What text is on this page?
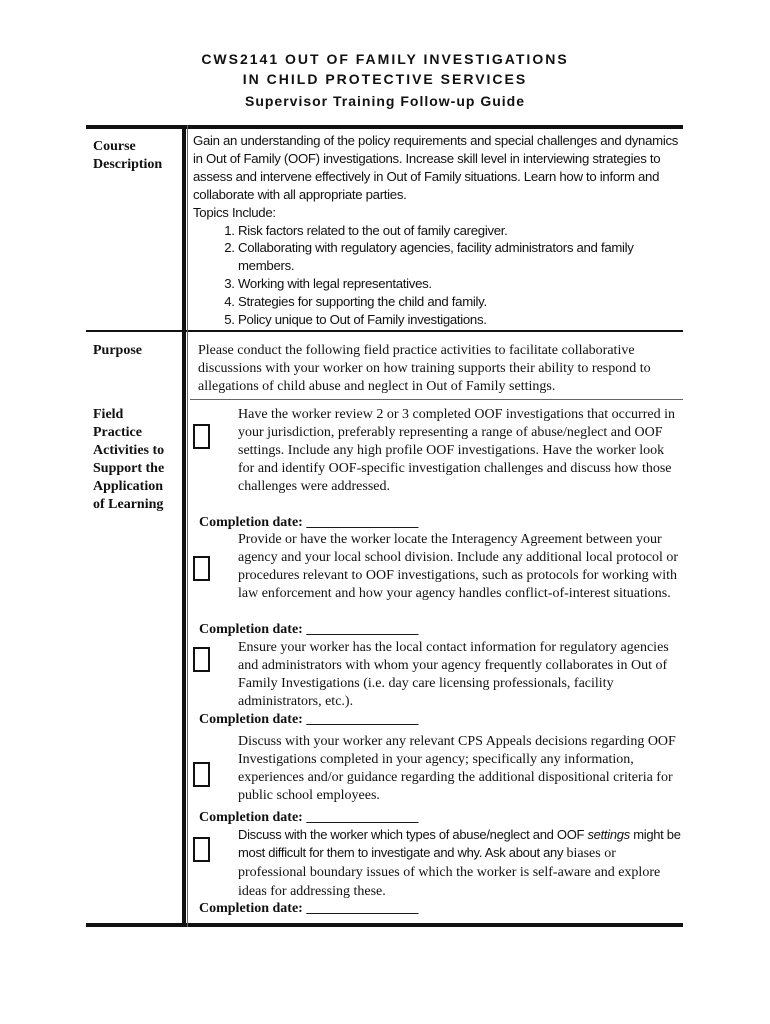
CWS2141 OUT OF FAMILY INVESTIGATIONS
IN CHILD PROTECTIVE SERVICES
Supervisor Training Follow-up Guide
Course
Description

Gain an understanding of the policy requirements and special challenges and dynamics in Out of Family (OOF) investigations. Increase skill level in interviewing strategies to assess and intervene effectively in Out of Family situations. Learn how to inform and collaborate with all appropriate parties.

Topics Include:

1. Risk factors related to the out of family caregiver.
2. Collaborating with regulatory agencies, facility administrators and family members.
3. Working with legal representatives.
4. Strategies for supporting the child and family.
5. Policy unique to Out of Family investigations.
Purpose	Please conduct the following field practice activities to facilitate collaborative discussions with your worker on how training supports their ability to respond to allegations of child abuse and neglect in Out of Family settings.
Field
Practice
Activities to
Support the
Application
of Learning
Have the worker review 2 or 3 completed OOF investigations that occurred in your jurisdiction, preferably representing a range of abuse/neglect and OOF settings. Include any high profile OOF investigations. Have the worker look for and identify OOF-specific investigation challenges and discuss how those challenges were addressed.
Completion date: ________________
Provide or have the worker locate the Interagency Agreement between your agency and your local school division. Include any additional local protocol or procedures relevant to OOF investigations, such as protocols for working with law enforcement and how your agency handles conflict-of-interest situations.
Completion date: ________________
Ensure your worker has the local contact information for regulatory agencies and administrators with whom your agency frequently collaborates in Out of Family Investigations (i.e. day care licensing professionals, facility administrators, etc.).
Completion date: ________________
Discuss with your worker any relevant CPS Appeals decisions regarding OOF Investigations completed in your agency; specifically any information, experiences and/or guidance regarding the additional dispositional criteria for public school employees.
Completion date: ________________
Discuss with the worker which types of abuse/neglect and OOF settings might be most difficult for them to investigate and why. Ask about any biases or professional boundary issues of which the worker is self-aware and explore ideas for addressing these.
Completion date: ________________
